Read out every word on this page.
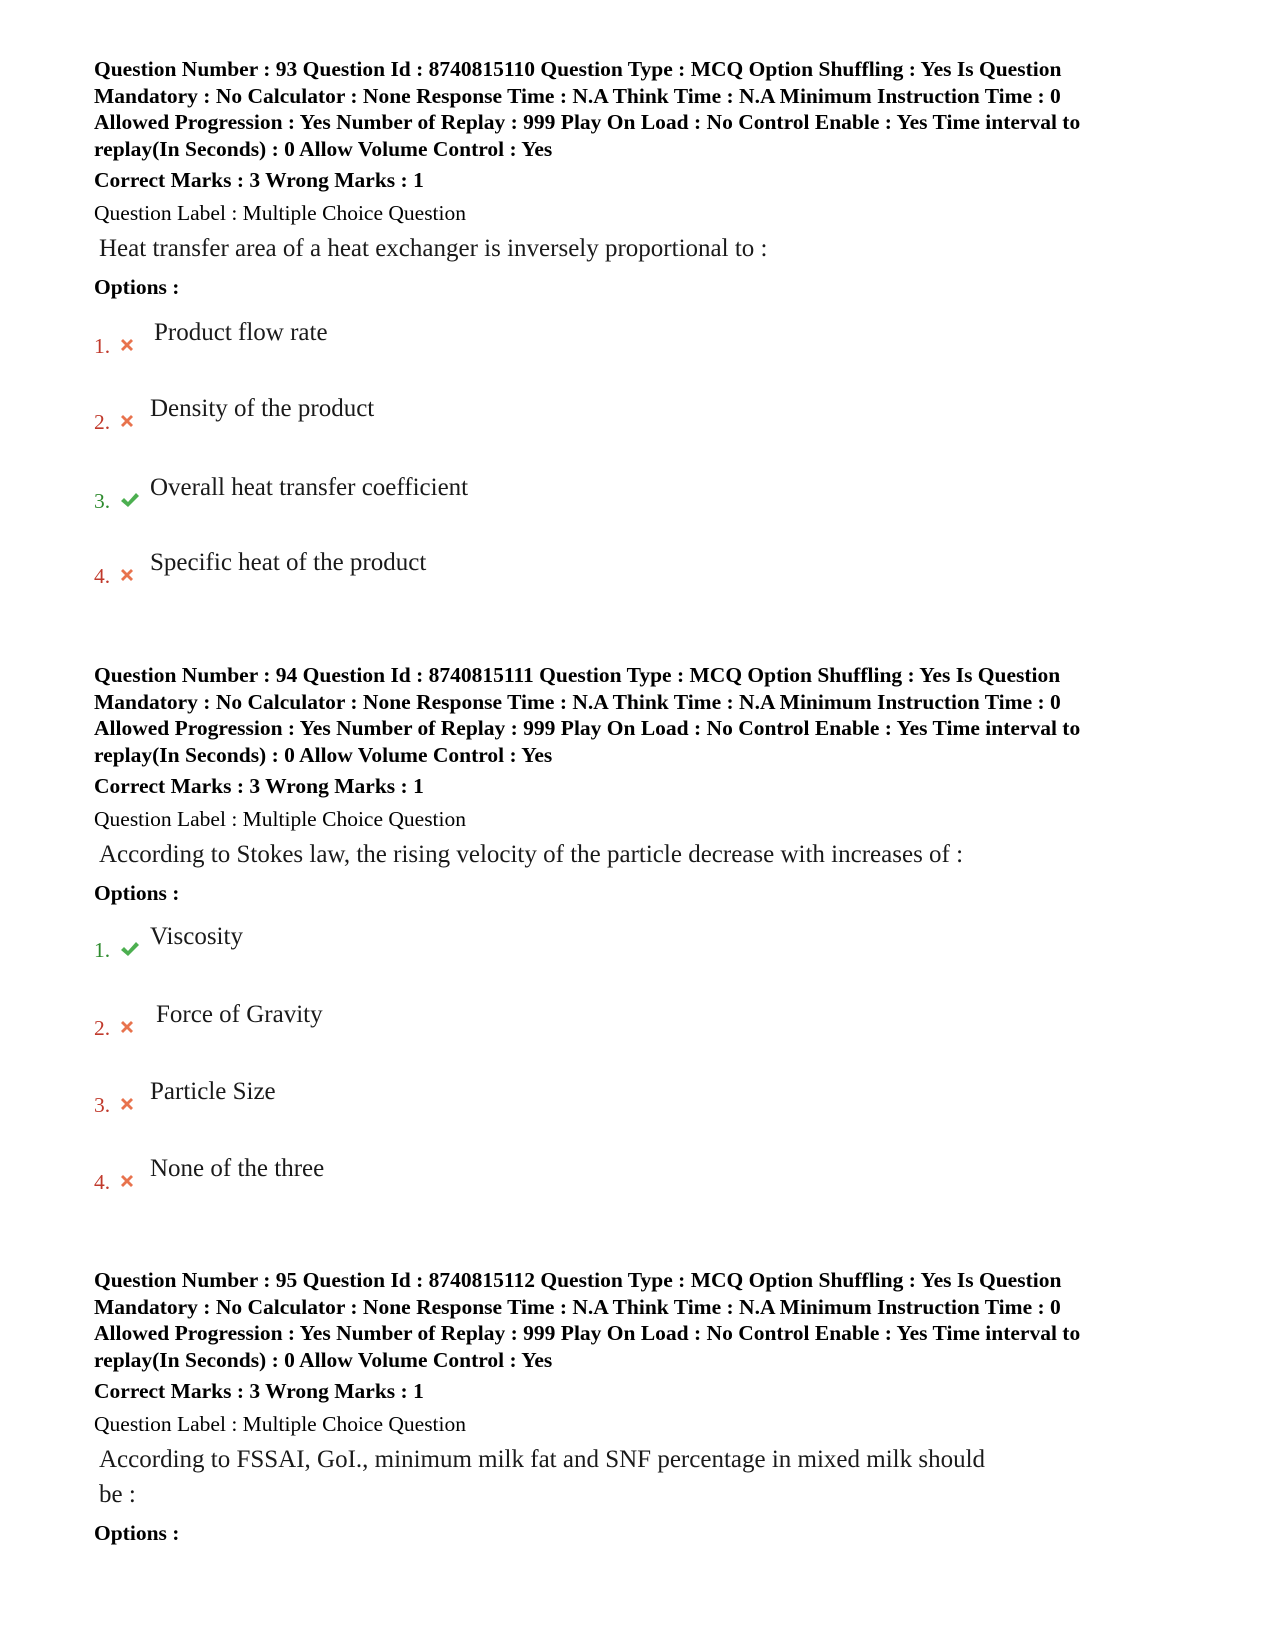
Question Number : 93 Question Id : 8740815110 Question Type : MCQ Option Shuffling : Yes Is Question
Mandatory : No Calculator : None Response Time : N.A Think Time : N.A Minimum Instruction Time : 0
Allowed Progression : Yes Number of Replay : 999 Play On Load : No Control Enable : Yes Time interval to
replay(In Seconds) : 0 Allow Volume Control : Yes
Correct Marks : 3 Wrong Marks : 1
Question Label : Multiple Choice Question
Heat transfer area of a heat exchanger is inversely proportional to :
Options :
1. Product flow rate
2. Density of the product
3. Overall heat transfer coefficient
4. Specific heat of the product
Question Number : 94 Question Id : 8740815111 Question Type : MCQ Option Shuffling : Yes Is Question
Mandatory : No Calculator : None Response Time : N.A Think Time : N.A Minimum Instruction Time : 0
Allowed Progression : Yes Number of Replay : 999 Play On Load : No Control Enable : Yes Time interval to
replay(In Seconds) : 0 Allow Volume Control : Yes
Correct Marks : 3 Wrong Marks : 1
Question Label : Multiple Choice Question
According to Stokes law, the rising velocity of the particle decrease with increases of :
Options :
1. Viscosity
2. Force of Gravity
3. Particle Size
4. None of the three
Question Number : 95 Question Id : 8740815112 Question Type : MCQ Option Shuffling : Yes Is Question
Mandatory : No Calculator : None Response Time : N.A Think Time : N.A Minimum Instruction Time : 0
Allowed Progression : Yes Number of Replay : 999 Play On Load : No Control Enable : Yes Time interval to
replay(In Seconds) : 0 Allow Volume Control : Yes
Correct Marks : 3 Wrong Marks : 1
Question Label : Multiple Choice Question
According to FSSAI, GoI., minimum milk fat and SNF percentage in mixed milk should
be :
Options :
